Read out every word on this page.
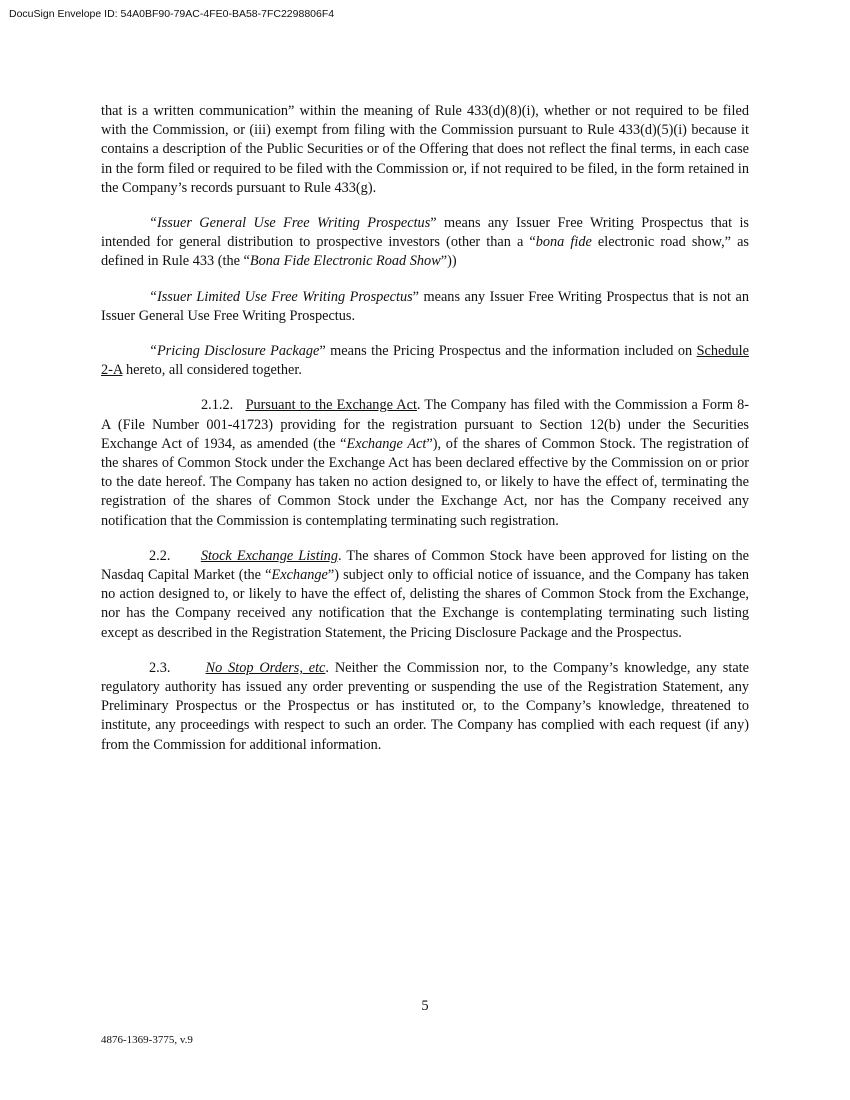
DocuSign Envelope ID: 54A0BF90-79AC-4FE0-BA58-7FC2298806F4

that is a written communication” within the meaning of Rule 433(d)(8)(i), whether or not required to be filed with the Commission, or (iii) exempt from filing with the Commission pursuant to Rule 433(d)(5)(i) because it contains a description of the Public Securities or of the Offering that does not reflect the final terms, in each case in the form filed or required to be filed with the Commission or, if not required to be filed, in the form retained in the Company’s records pursuant to Rule 433(g).

“Issuer General Use Free Writing Prospectus” means any Issuer Free Writing Prospectus that is intended for general distribution to prospective investors (other than a “bona fide electronic road show,” as defined in Rule 433 (the “Bona Fide Electronic Road Show”))

“Issuer Limited Use Free Writing Prospectus” means any Issuer Free Writing Prospectus that is not an Issuer General Use Free Writing Prospectus.

“Pricing Disclosure Package” means the Pricing Prospectus and the information included on Schedule 2-A hereto, all considered together.

2.1.2. Pursuant to the Exchange Act. The Company has filed with the Commission a Form 8-A (File Number 001-41723) providing for the registration pursuant to Section 12(b) under the Securities Exchange Act of 1934, as amended (the “Exchange Act”), of the shares of Common Stock. The registration of the shares of Common Stock under the Exchange Act has been declared effective by the Commission on or prior to the date hereof. The Company has taken no action designed to, or likely to have the effect of, terminating the registration of the shares of Common Stock under the Exchange Act, nor has the Company received any notification that the Commission is contemplating terminating such registration.

2.2. Stock Exchange Listing. The shares of Common Stock have been approved for listing on the Nasdaq Capital Market (the “Exchange”) subject only to official notice of issuance, and the Company has taken no action designed to, or likely to have the effect of, delisting the shares of Common Stock from the Exchange, nor has the Company received any notification that the Exchange is contemplating terminating such listing except as described in the Registration Statement, the Pricing Disclosure Package and the Prospectus.

2.3. No Stop Orders, etc. Neither the Commission nor, to the Company’s knowledge, any state regulatory authority has issued any order preventing or suspending the use of the Registration Statement, any Preliminary Prospectus or the Prospectus or has instituted or, to the Company’s knowledge, threatened to institute, any proceedings with respect to such an order. The Company has complied with each request (if any) from the Commission for additional information.

5
4876-1369-3775, v.9
